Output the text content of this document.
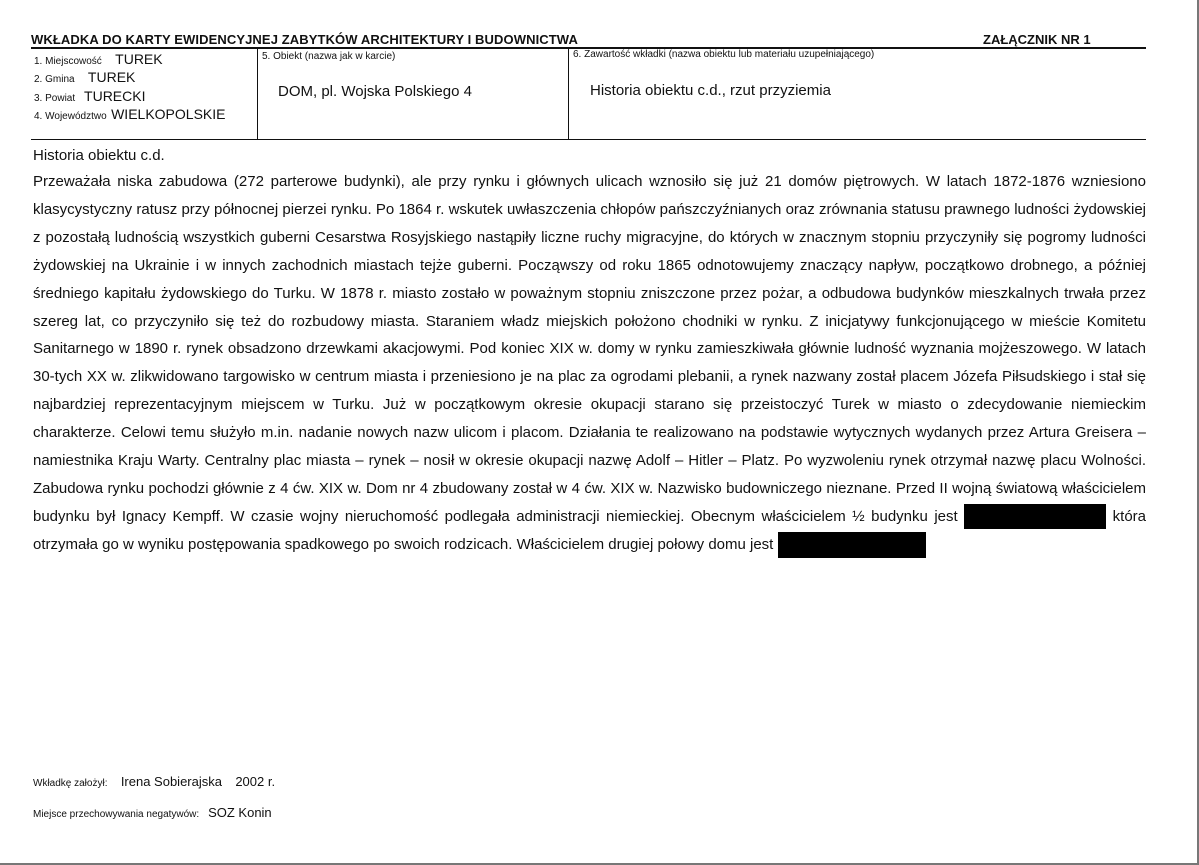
WKŁADKA DO KARTY EWIDENCYJNEJ ZABYTKÓW ARCHITEKTURY I BUDOWNICTWA	ZAŁĄCZNIK NR 1
1. Miejscowość TUREK
2. Gmina TUREK
3. Powiat TURECKI
4. Województwo WIELKOPOLSKIE
5. Obiekt (nazwa jak w karcie)
DOM, pl. Wojska Polskiego 4
6. Zawartość wkładki (nazwa obiektu lub materiału uzupełniającego)
Historia obiektu c.d., rzut przyziemia
Historia obiektu c.d.

Przeważała niska zabudowa (272 parterowe budynki), ale przy rynku i głównych ulicach wznosiło się już 21 domów piętrowych. W latach 1872-1876 wzniesiono klasycystyczny ratusz przy północnej pierzei rynku. Po 1864 r. wskutek uwłaszczenia chłopów pańszczyźnianych oraz zrównania statusu prawnego ludności żydowskiej z pozostałą ludnością wszystkich guberni Cesarstwa Rosyjskiego nastąpiły liczne ruchy migracyjne, do których w znacznym stopniu przyczyniły się pogromy ludności żydowskiej na Ukrainie i w innych zachodnich miastach tejże guberni. Począwszy od roku 1865 odnotowujemy znaczący napływ, początkowo drobnego, a później średniego kapitału żydowskiego do Turku. W 1878 r. miasto zostało w poważnym stopniu zniszczone przez pożar, a odbudowa budynków mieszkalnych trwała przez szereg lat, co przyczyniło się też do rozbudowy miasta. Staraniem władz miejskich położono chodniki w rynku. Z inicjatywy funkcjonującego w mieście Komitetu Sanitarnego w 1890 r. rynek obsadzono drzewkami akacjowymi. Pod koniec XIX w. domy w rynku zamieszkiwała głównie ludność wyznania mojżeszowego. W latach 30-tych XX w. zlikwidowano targowisko w centrum miasta i przeniesiono je na plac za ogrodami plebanii, a rynek nazwany został placem Józefa Piłsudskiego i stał się najbardziej reprezentacyjnym miejscem w Turku. Już w początkowym okresie okupacji starano się przeistoczyć Turek w miasto o zdecydowanie niemieckim charakterze. Celowi temu służyło m.in. nadanie nowych nazw ulicom i placom. Działania te realizowano na podstawie wytycznych wydanych przez Artura Greisera – namiestnika Kraju Warty. Centralny plac miasta – rynek – nosił w okresie okupacji nazwę Adolf – Hitler – Platz. Po wyzwoleniu rynek otrzymał nazwę placu Wolności. Zabudowa rynku pochodzi głównie z 4 ćw. XIX w. Dom nr 4 zbudowany został w 4 ćw. XIX w. Nazwisko budowniczego nieznane. Przed II wojną światową właścicielem budynku był Ignacy Kempff. W czasie wojny nieruchomość podlegała administracji niemieckiej. Obecnym właścicielem ½ budynku jest	która otrzymała go w wyniku postępowania spadkowego po swoich rodzicach. Właścicielem drugiej połowy domu jest

Wkładkę założył: Irena Sobierajska 2002 r.
Miejsce przechowywania negatywów: SOZ Konin
